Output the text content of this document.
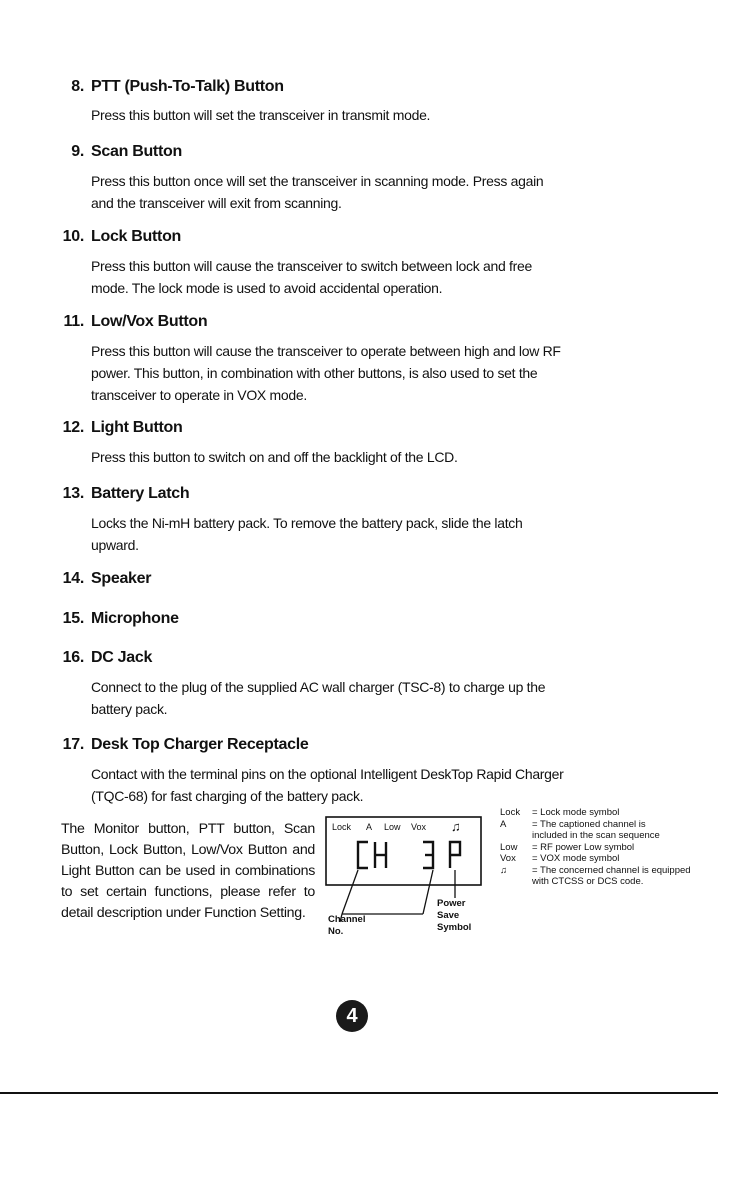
8. PTT (Push-To-Talk) Button

Press this button will set the transceiver in transmit mode.

9. Scan Button

Press this button once will set the transceiver in scanning mode. Press again

and the transceiver will exit from scanning.

10. Lock Button

Press this button will cause the transceiver to switch between lock and free

mode. The lock mode is used to avoid accidental operation.

11. Low/Vox Button

Press this button will cause the transceiver to operate between high and low RF

power. This button, in combination with other buttons, is also used to set the

transceiver to operate in VOX mode.

12. Light Button

Press this button to switch on and off the backlight of the LCD.

13. Battery Latch

Locks the Ni-mH battery pack. To remove the battery pack, slide the latch

upward.

14. Speaker
15. Microphone
16. DC Jack

Connect to the plug of the supplied AC wall charger (TSC-8) to charge up the

battery pack.

17. Desk Top Charger Receptacle

Contact with the terminal pins on the optional Intelligent DeskTop Rapid Charger

(TQC-68) for fast charging of the battery pack.

The Monitor button, PTT button, Scan Button, Lock Button, Low/Vox Button and Light Button can be used in combinations to set certain functions, please refer to detail description under Function Setting.
Lock A Low Vox ♫
Channel
No.
Power
Save
Symbol
Lock	= Lock mode symbol
A	= The captioned channel is included in the scan sequence
Low	= RF power Low symbol
Vox	= VOX mode symbol
♫	= The concerned channel is equipped with CTCSS or DCS code.
4
